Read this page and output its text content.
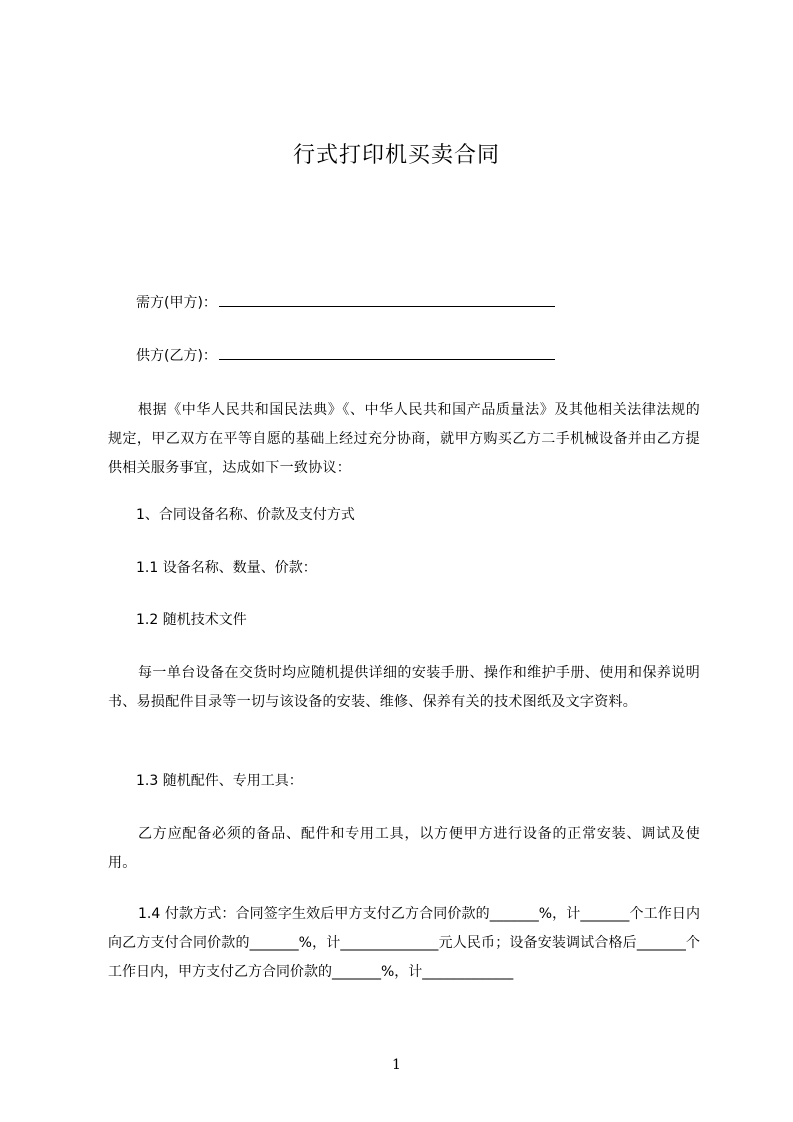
行式打印机买卖合同
需方(甲方)：
供方(乙方)：
根据《中华人民共和国民法典》《、中华人民共和国产品质量法》及其他相关法律法规的规定，甲乙双方在平等自愿的基础上经过充分协商，就甲方购买乙方二手机械设备并由乙方提供相关服务事宜，达成如下一致协议：
1、合同设备名称、价款及支付方式
1.1 设备名称、数量、价款：
1.2 随机技术文件
每一单台设备在交货时均应随机提供详细的安装手册、操作和维护手册、使用和保养说明书、易损配件目录等一切与该设备的安装、维修、保养有关的技术图纸及文字资料。
1.3 随机配件、专用工具：
乙方应配备必须的备品、配件和专用工具，以方便甲方进行设备的正常安装、调试及使用。
1.4 付款方式：合同签字生效后甲方支付乙方合同价款的_______%，计_______个工作日内向乙方支付合同价款的_______%，计______________元人民币；设备安装调试合格后_______个工作日内，甲方支付乙方合同价款的_______%，计_____________
1
